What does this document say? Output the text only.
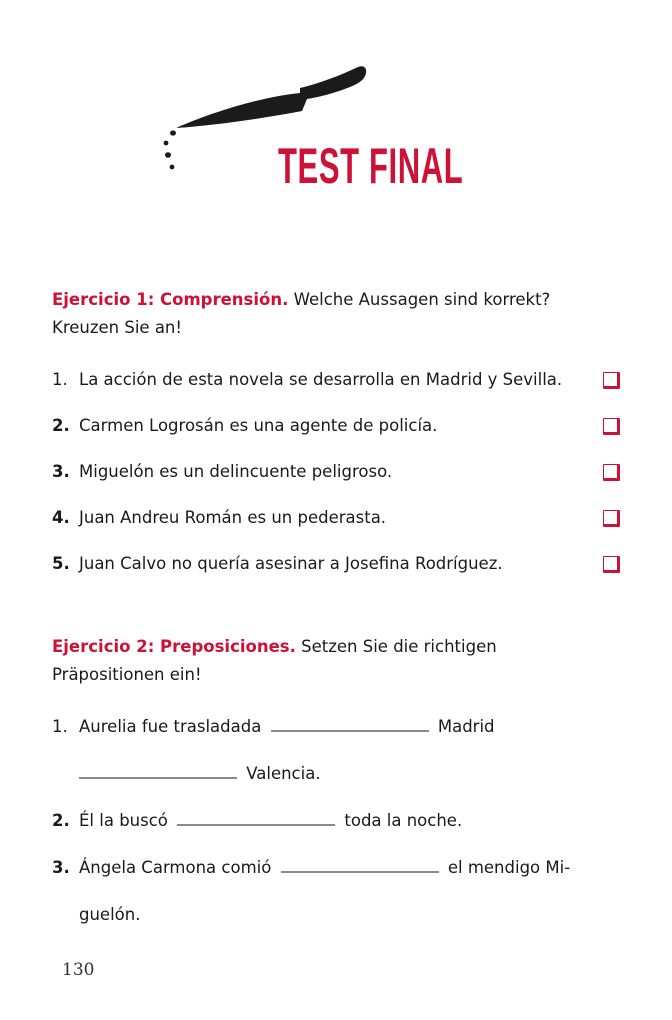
TEST FINAL

Ejercicio 1: Comprensión. Welche Aussagen sind korrekt?
Kreuzen Sie an!

1. La acción de esta novela se desarrolla en Madrid y Sevilla.
2. Carmen Logrosán es una agente de policía.
3. Miguelón es un delincuente peligroso.
4. Juan Andreu Román es un pederasta.
5. Juan Calvo no quería asesinar a Josefina Rodríguez.

Ejercicio 2: Preposiciones. Setzen Sie die richtigen
Präpositionen ein!

1. Aurelia fue trasladada	Madrid
Valencia.
2. Él la buscó	toda la noche.
3. Ángela Carmona comió	el mendigo Mi-
guelón.
130
